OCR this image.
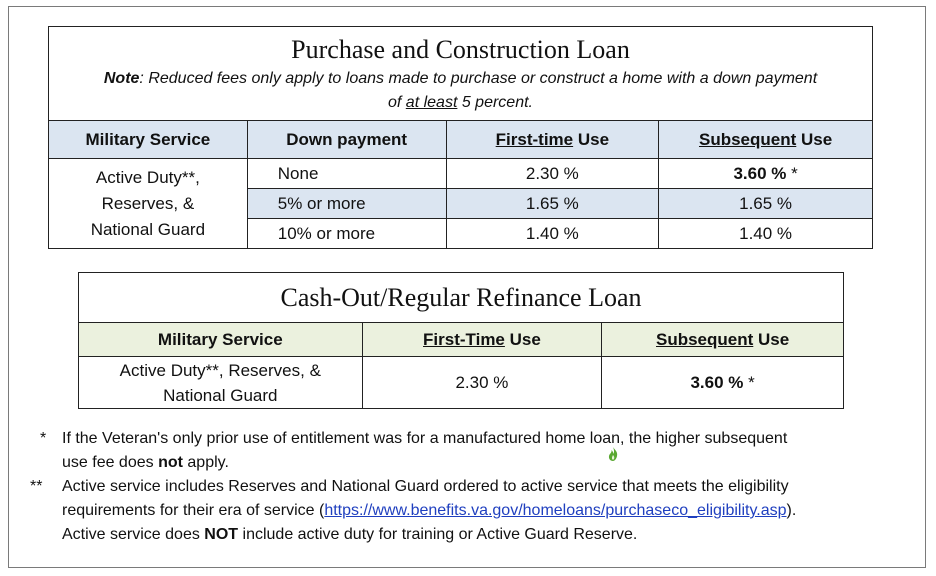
Purchase and Construction Loan
Note: Reduced fees only apply to loans made to purchase or construct a home with a down payment
of at least 5 percent.			

Military Service	Down payment	First-time Use	Subsequent Use
Active Duty**,
Reserves, &
National Guard	None	2.30 %	3.60 % *
	5% or more	1.65 %	1.65 %
	10% or more	1.40 %	1.40 %
Cash-Out/Regular Refinance Loan		

Military Service	First-Time Use	Subsequent Use
Active Duty**, Reserves, &
National Guard	2.30 %	3.60 % *
* If the Veteran's only prior use of entitlement was for a manufactured home loan, the higher subsequent
use fee does not apply.
** Active service includes Reserves and National Guard ordered to active service that meets the eligibility
requirements for their era of service (https://www.benefits.va.gov/homeloans/purchaseco_eligibility.asp).
Active service does NOT include active duty for training or Active Guard Reserve.
